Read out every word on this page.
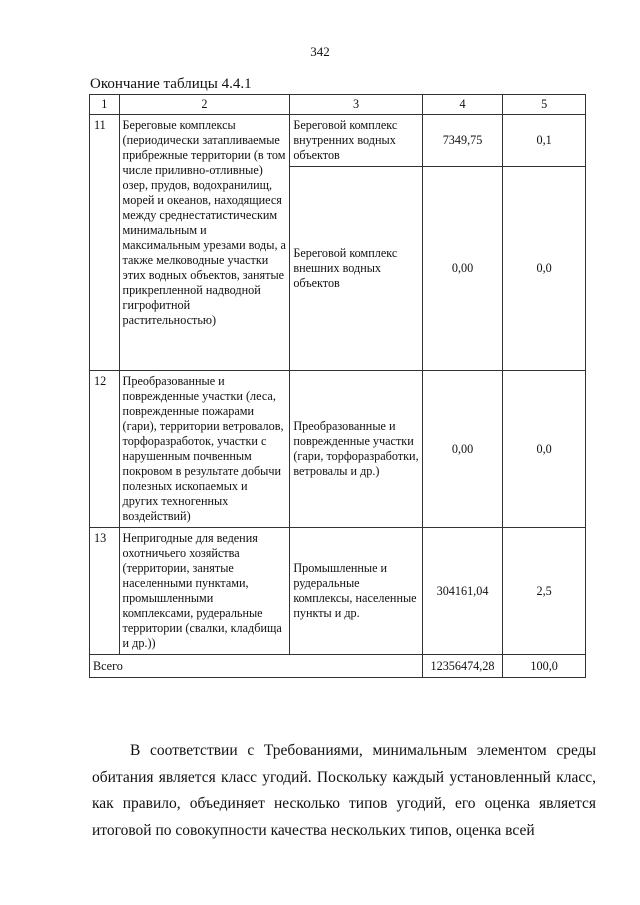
342
Окончание таблицы 4.4.1
1	2	3	4	5
11	Береговые комплексы (периодически затапливаемые прибрежные территории (в том числе приливно-отливные) озер, прудов, водохранилищ, морей и океанов, находящиеся между среднестатистическим минимальным и максимальным урезами воды, а также мелководные участки этих водных объектов, занятые прикрепленной надводной гигрофитной растительностью)	Береговой комплекс внутренних водных объектов	7349,75	0,1
		Береговой комплекс внешних водных объектов	0,00	0,0
12	Преобразованные и поврежденные участки (леса, поврежденные пожарами (гари), территории ветровалов, торфоразработок, участки с нарушенным почвенным покровом в результате добычи полезных ископаемых и других техногенных воздействий)	Преобразованные и поврежденные участки (гари, торфоразработки, ветровалы и др.)	0,00	0,0
13	Непригодные для ведения охотничьего хозяйства (территории, занятые населенными пунктами, промышленными комплексами, рудеральные территории (свалки, кладбища и др.))	Промышленные и рудеральные комплексы, населенные пункты и др.	304161,04	2,5
Всего			12356474,28	100,0
В соответствии с Требованиями, минимальным элементом среды обитания является класс угодий. Поскольку каждый установленный класс, как правило, объединяет несколько типов угодий, его оценка является итоговой по совокупности качества нескольких типов, оценка всей
